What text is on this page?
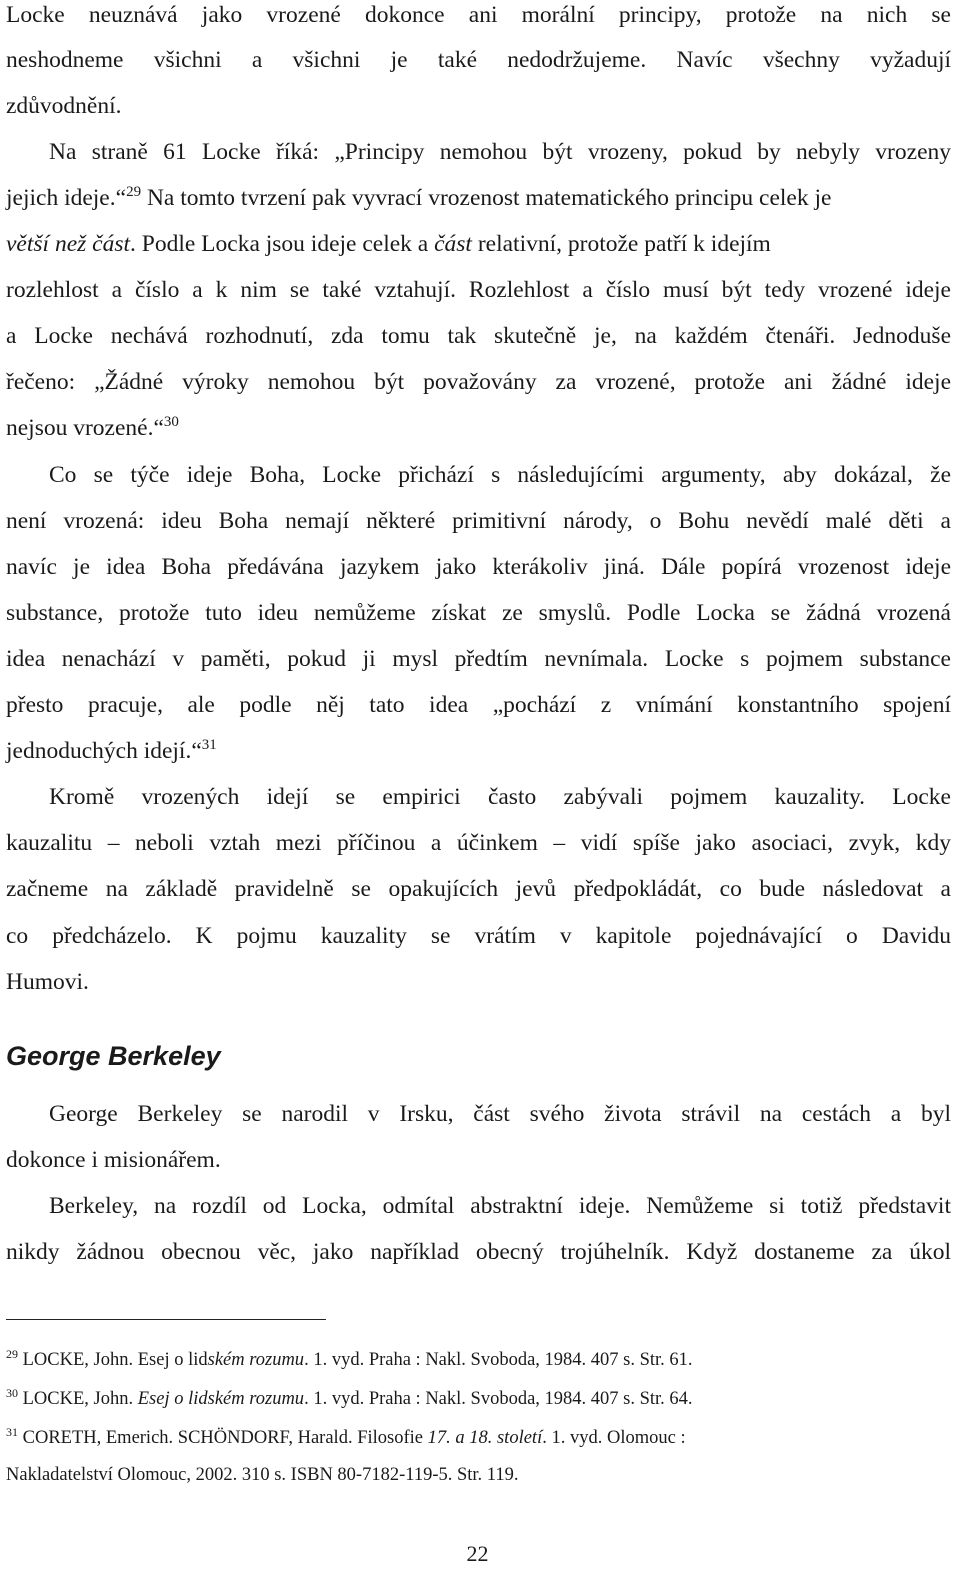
Locke neuznává jako vrozené dokonce ani morální principy, protože na nich se
neshodneme všichni a všichni je také nedodržujeme. Navíc všechny vyžadují
zdůvodnění.
Na straně 61 Locke říká: „Principy nemohou být vrozeny, pokud by nebyly vrozeny
jejich ideje.“$^{29}$ Na tomto tvrzení pak vyvrací vrozenost matematického principu celek je
větší než část. Podle Locka jsou ideje celek a část relativní, protože patří k idejím
rozlehlost a číslo a k nim se také vztahují. Rozlehlost a číslo musí být tedy vrozené ideje
a Locke nechává rozhodnutí, zda tomu tak skutečně je, na každém čtenáři. Jednoduše
řečeno: „Žádné výroky nemohou být považovány za vrozené, protože ani žádné ideje
nejsou vrozené.“$^{30}$
Co se týče ideje Boha, Locke přichází s následujícími argumenty, aby dokázal, že
není vrozená: ideu Boha nemají některé primitivní národy, o Bohu nevědí malé děti a
navíc je idea Boha předávána jazykem jako kterákoliv jiná. Dále popírá vrozenost ideje
substance, protože tuto ideu nemůžeme získat ze smyslů. Podle Locka se žádná vrozená
idea nenachází v paměti, pokud ji mysl předtím nevnímala. Locke s pojmem substance
přesto pracuje, ale podle něj tato idea „pochází z vnímání konstantního spojení
jednoduchých idejí.“$^{31}$
Kromě vrozených idejí se empirici často zabývali pojmem kauzality. Locke
kauzalitu – neboli vztah mezi příčinou a účinkem – vidí spíše jako asociaci, zvyk, kdy
začneme na základě pravidelně se opakujících jevů předpokládát, co bude následovat a
co předcházelo. K pojmu kauzality se vrátím v kapitole pojednávající o Davidu
Humovi.
George Berkeley
George Berkeley se narodil v Irsku, část svého života strávil na cestách a byl
dokonce i misionářem.
Berkeley, na rozdíl od Locka, odmítal abstraktní ideje. Nemůžeme si totiž představit
nikdy žádnou obecnou věc, jako například obecný trojúhelník. Když dostaneme za úkol
$^{29}$ LOCKE, John. Esej o lidském rozumu. 1. vyd. Praha : Nakl. Svoboda, 1984. 407 s. Str. 61.
$^{30}$ LOCKE, John. Esej o lidském rozumu. 1. vyd. Praha : Nakl. Svoboda, 1984. 407 s. Str. 64.
$^{31}$ CORETH, Emerich. SCHÖNDORF, Harald. Filosofie 17. a 18. století. 1. vyd. Olomouc :
Nakladatelství Olomouc, 2002. 310 s. ISBN 80-7182-119-5. Str. 119.
22
